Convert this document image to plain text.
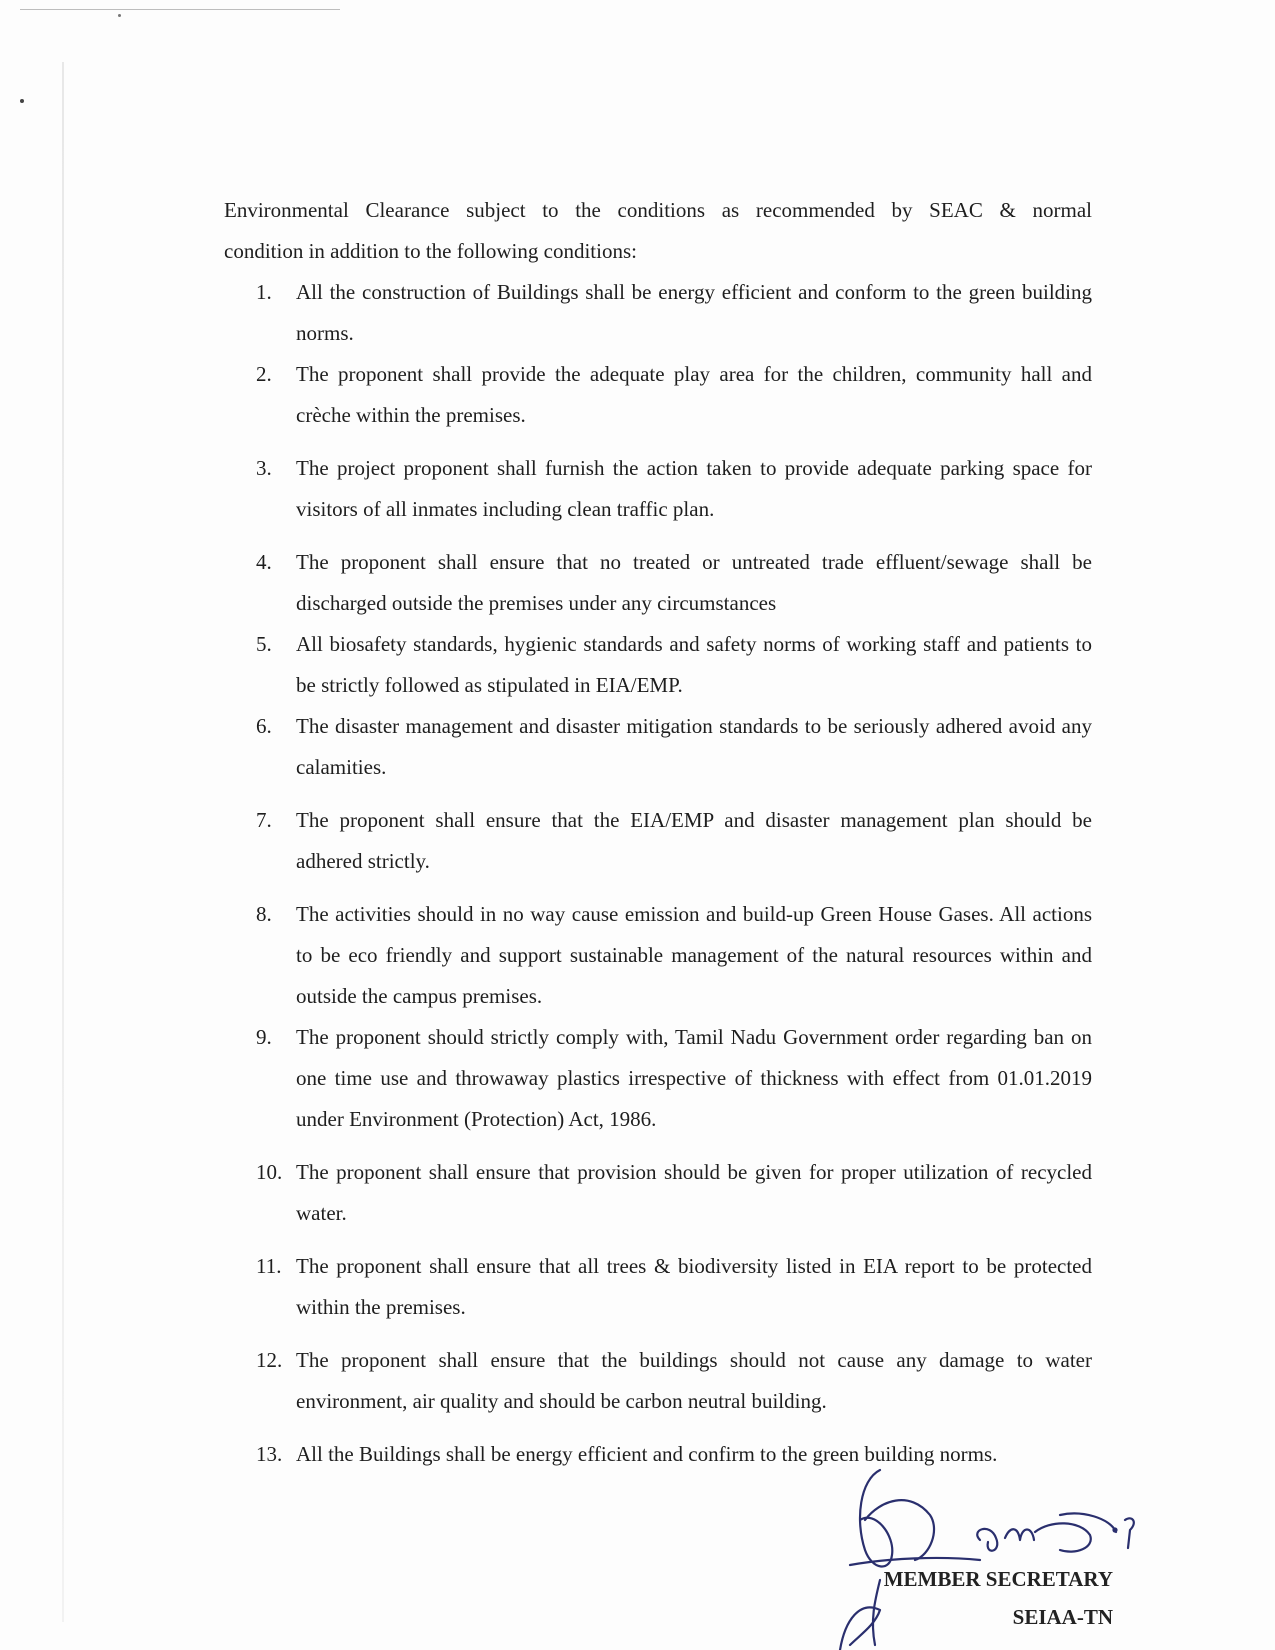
Environmental Clearance subject to the conditions as recommended by SEAC & normal

condition in addition to the following conditions:

1.	All the construction of Buildings shall be energy efficient and conform to the green building norms.
2.	The proponent shall provide the adequate play area for the children, community hall and crèche within the premises.
3.	The project proponent shall furnish the action taken to provide adequate parking space for visitors of all inmates including clean traffic plan.
4.	The proponent shall ensure that no treated or untreated trade effluent/sewage shall be discharged outside the premises under any circumstances
5.	All biosafety standards, hygienic standards and safety norms of working staff and patients to be strictly followed as stipulated in EIA/EMP.
6.	The disaster management and disaster mitigation standards to be seriously adhered avoid any calamities.
7.	The proponent shall ensure that the EIA/EMP and disaster management plan should be adhered strictly.
8.	The activities should in no way cause emission and build-up Green House Gases. All actions to be eco friendly and support sustainable management of the natural resources within and outside the campus premises.
9.	The proponent should strictly comply with, Tamil Nadu Government order regarding ban on one time use and throwaway plastics irrespective of thickness with effect from 01.01.2019 under Environment (Protection) Act, 1986.
10. The proponent shall ensure that provision should be given for proper utilization of recycled water.
11. The proponent shall ensure that all trees & biodiversity listed in EIA report to be protected within the premises.
12. The proponent shall ensure that the buildings should not cause any damage to water environment, air quality and should be carbon neutral building.
13. All the Buildings shall be energy efficient and confirm to the green building norms.
MEMBER SECRETARY
SEIAA-TN
